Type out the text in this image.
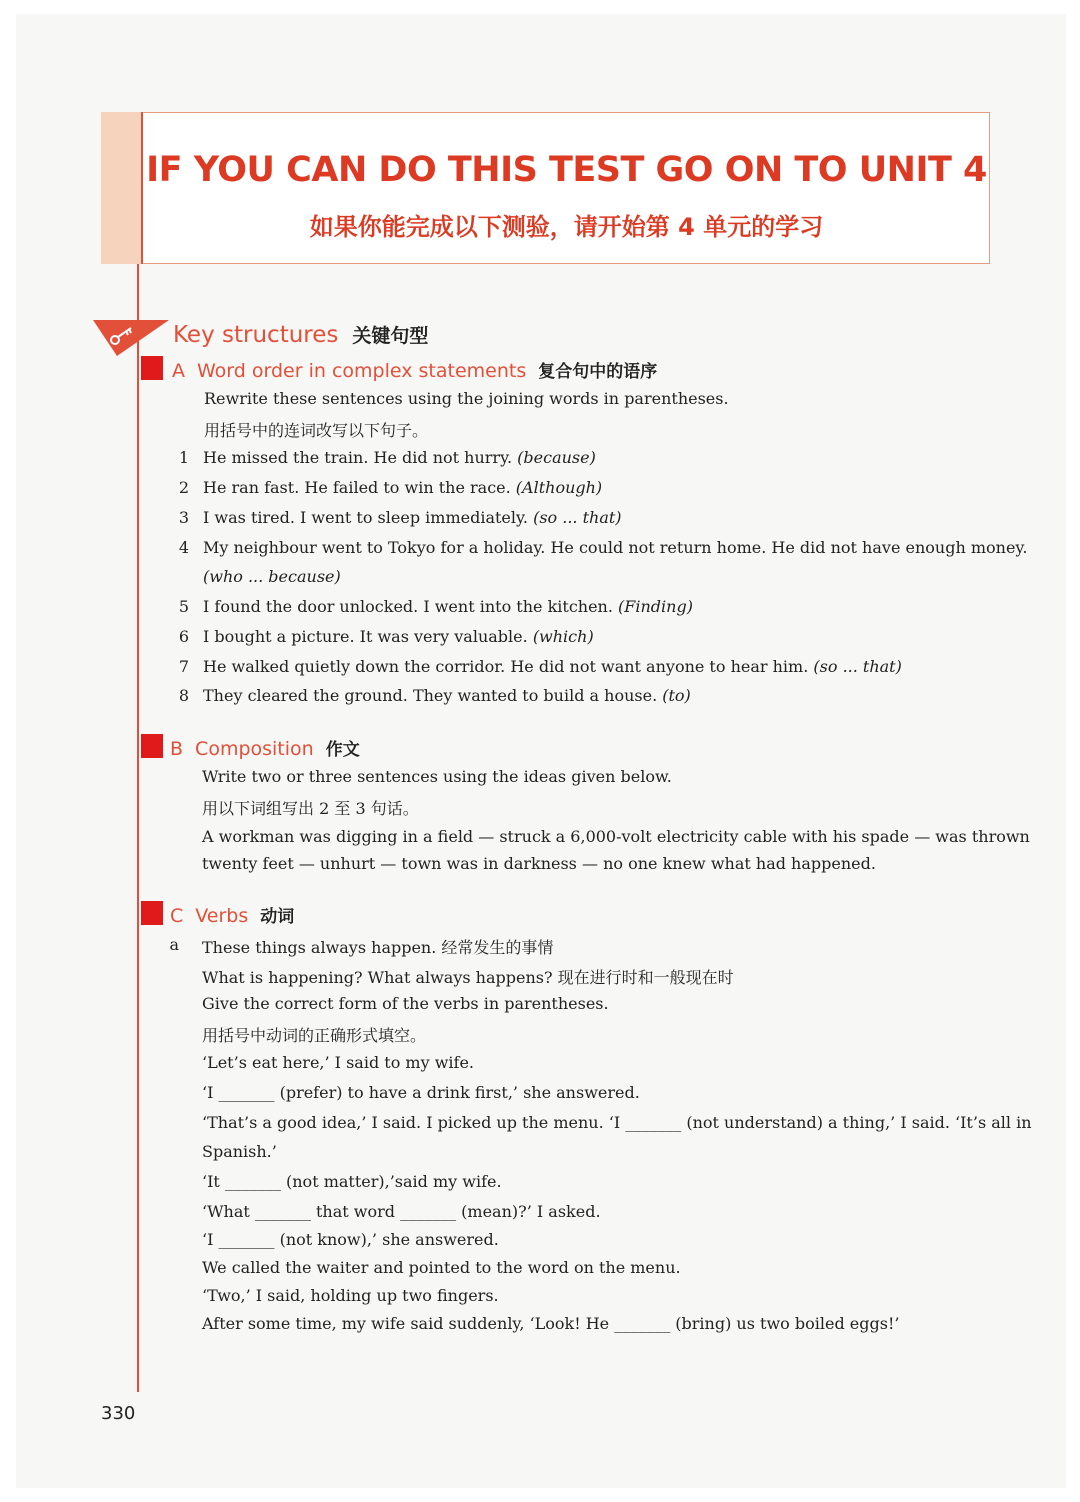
IF YOU CAN DO THIS TEST GO ON TO UNIT 4
如果你能完成以下测验，请开始第 4 单元的学习
Key structures 关键句型
A Word order in complex statements 复合句中的语序
Rewrite these sentences using the joining words in parentheses.
用括号中的连词改写以下句子。
1 He missed the train. He did not hurry. (because)
2 He ran fast. He failed to win the race. (Although)
3 I was tired. I went to sleep immediately. (so ... that)
4 My neighbour went to Tokyo for a holiday. He could not return home. He did not have enough money.
(who ... because)
5 I found the door unlocked. I went into the kitchen. (Finding)
6 I bought a picture. It was very valuable. (which)
7 He walked quietly down the corridor. He did not want anyone to hear him. (so ... that)
8 They cleared the ground. They wanted to build a house. (to)
B Composition 作文
Write two or three sentences using the ideas given below.
用以下词组写出 2 至 3 句话。
A workman was digging in a field — struck a 6,000-volt electricity cable with his spade — was thrown
twenty feet — unhurt — town was in darkness — no one knew what had happened.
C Verbs 动词
a These things always happen. 经常发生的事情
What is happening? What always happens? 现在进行时和一般现在时
Give the correct form of the verbs in parentheses.
用括号中动词的正确形式填空。
‘Let’s eat here,’ I said to my wife.
‘I _______ (prefer) to have a drink first,’ she answered.
‘That’s a good idea,’ I said. I picked up the menu. ‘I _______ (not understand) a thing,’ I said. ‘It’s all in
Spanish.’
‘It _______ (not matter),’said my wife.
‘What _______ that word _______ (mean)?’ I asked.
‘I _______ (not know),’ she answered.
We called the waiter and pointed to the word on the menu.
‘Two,’ I said, holding up two fingers.
After some time, my wife said suddenly, ‘Look! He _______ (bring) us two boiled eggs!’
330
